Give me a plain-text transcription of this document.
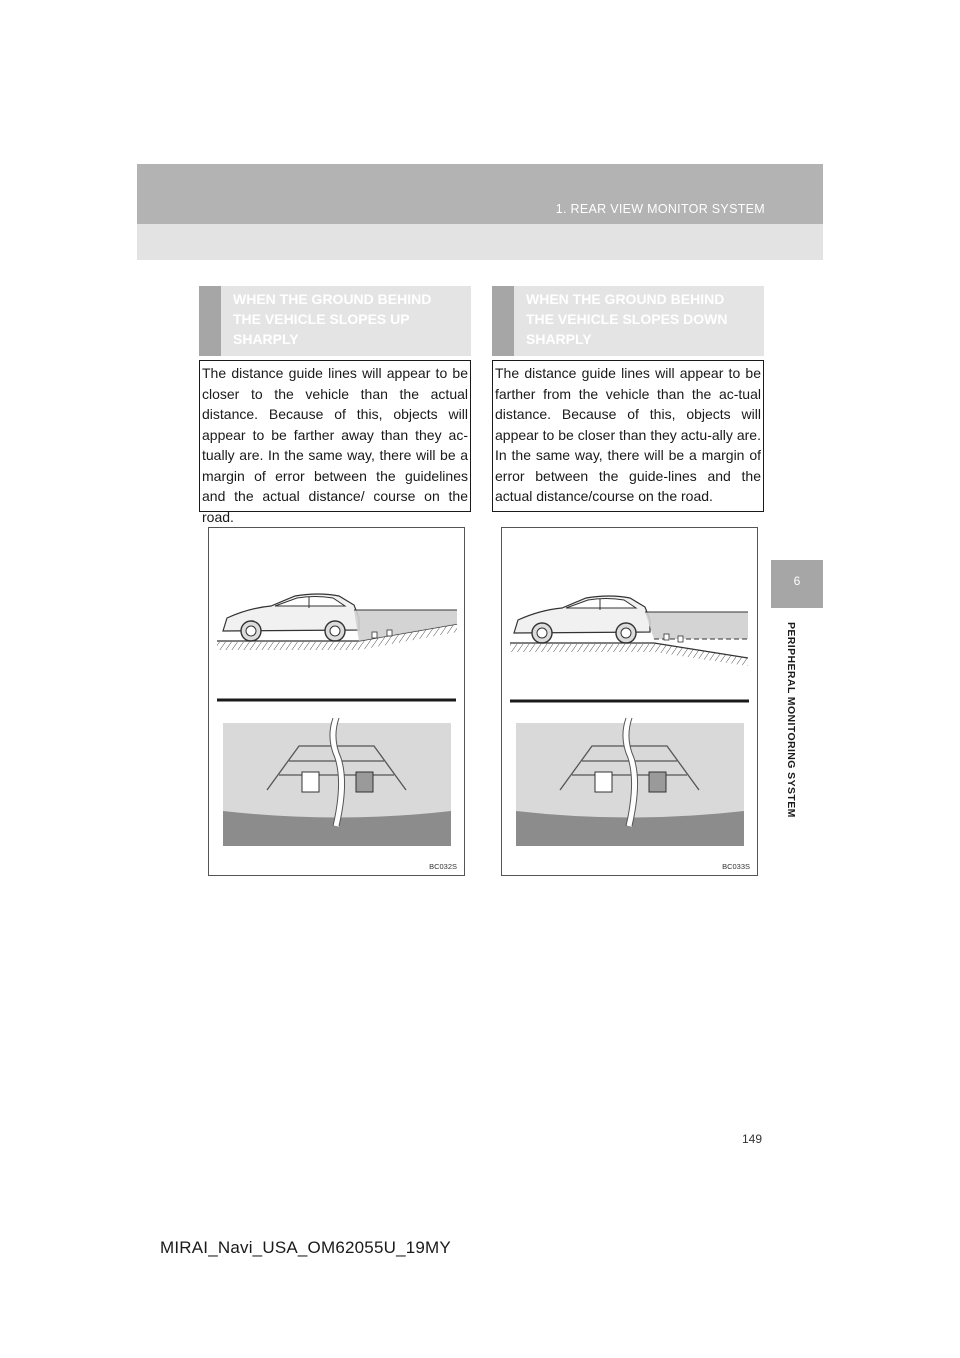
1. REAR VIEW MONITOR SYSTEM
6
PERIPHERAL MONITORING SYSTEM
WHEN THE GROUND BEHIND THE VEHICLE SLOPES UP SHARPLY
The distance guide lines will appear to be closer to the vehicle than the actual distance. Because of this, objects will appear to be farther away than they ac-tually are. In the same way, there will be a margin of error between the guidelines and the actual distance/ course on the road.
WHEN THE GROUND BEHIND THE VEHICLE SLOPES DOWN SHARPLY
The distance guide lines will appear to be farther from the vehicle than the ac-tual distance. Because of this, objects will appear to be closer than they actu-ally are. In the same way, there will be a margin of error between the guide-lines and the actual distance/course on the road.
BC032S	BC033S
149
MIRAI_Navi_USA_OM62055U_19MY
